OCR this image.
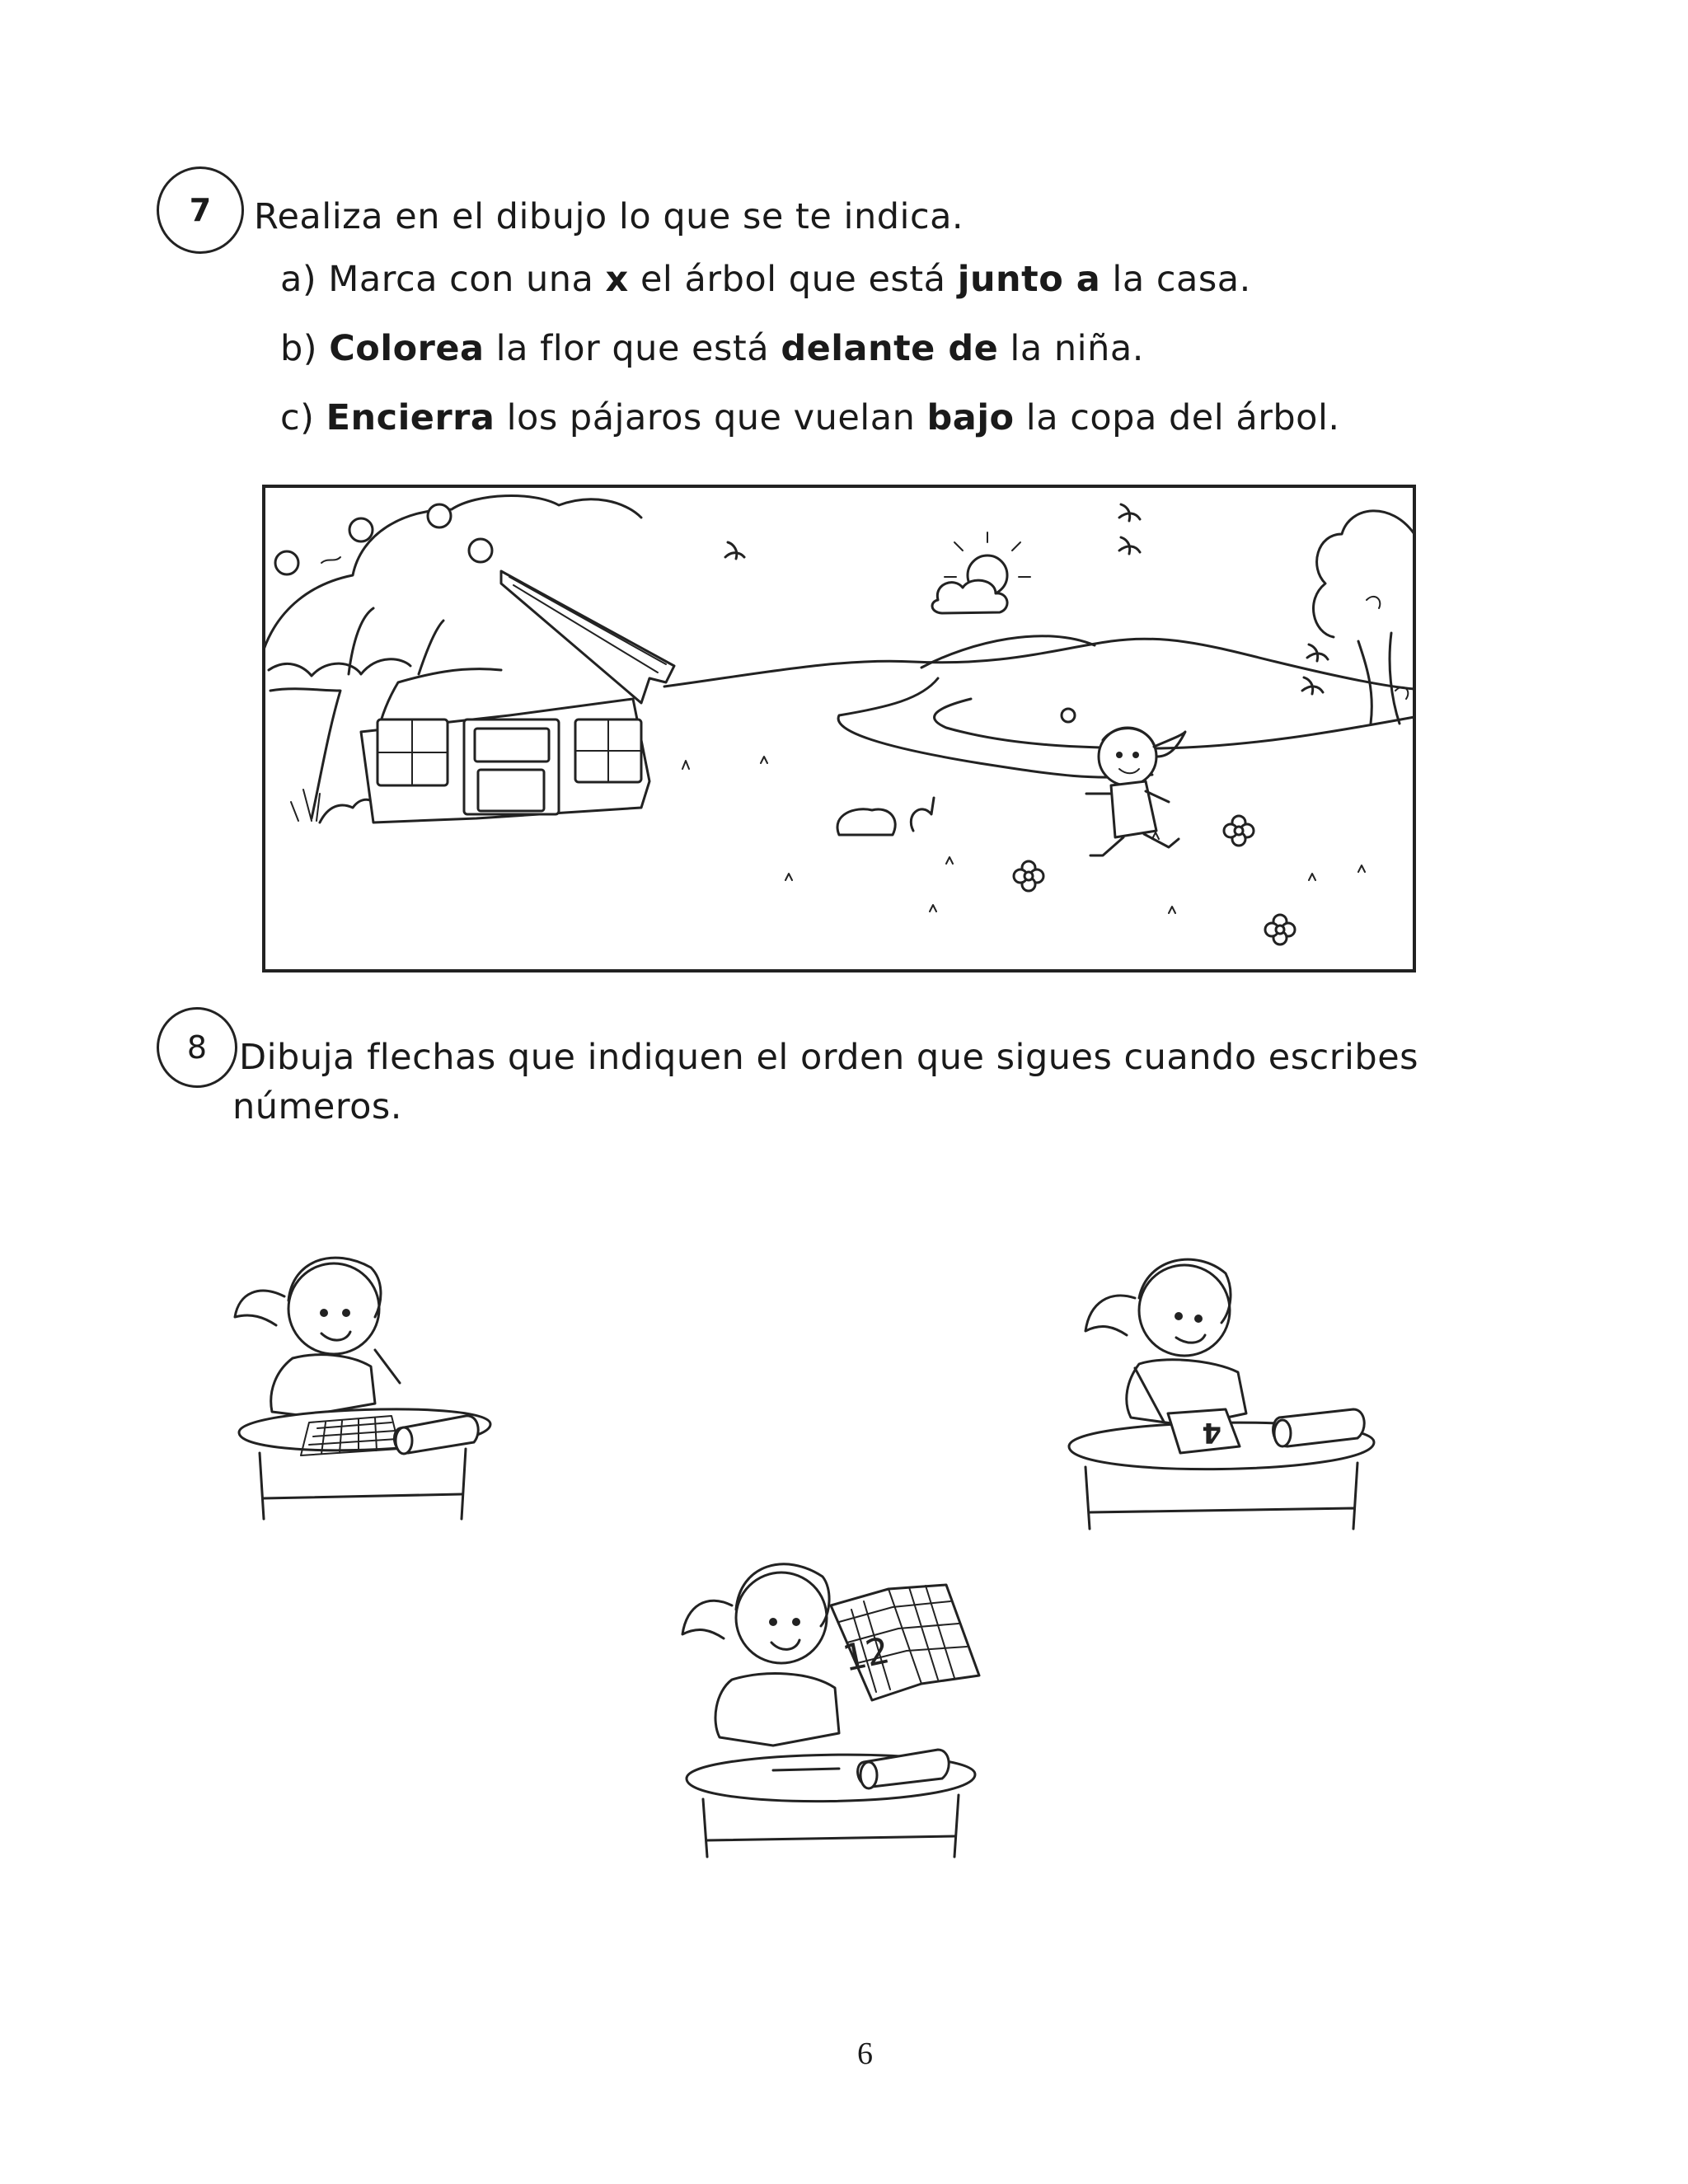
7 Realiza en el dibujo lo que se te indica.
a) Marca con una x el árbol que está junto a la casa.
b) Colorea la flor que está delante de la niña.
c) Encierra los pájaros que vuelan bajo la copa del árbol.
8 Dibuja flechas que indiquen el orden que sigues cuando escribes
números.
4
12
6
